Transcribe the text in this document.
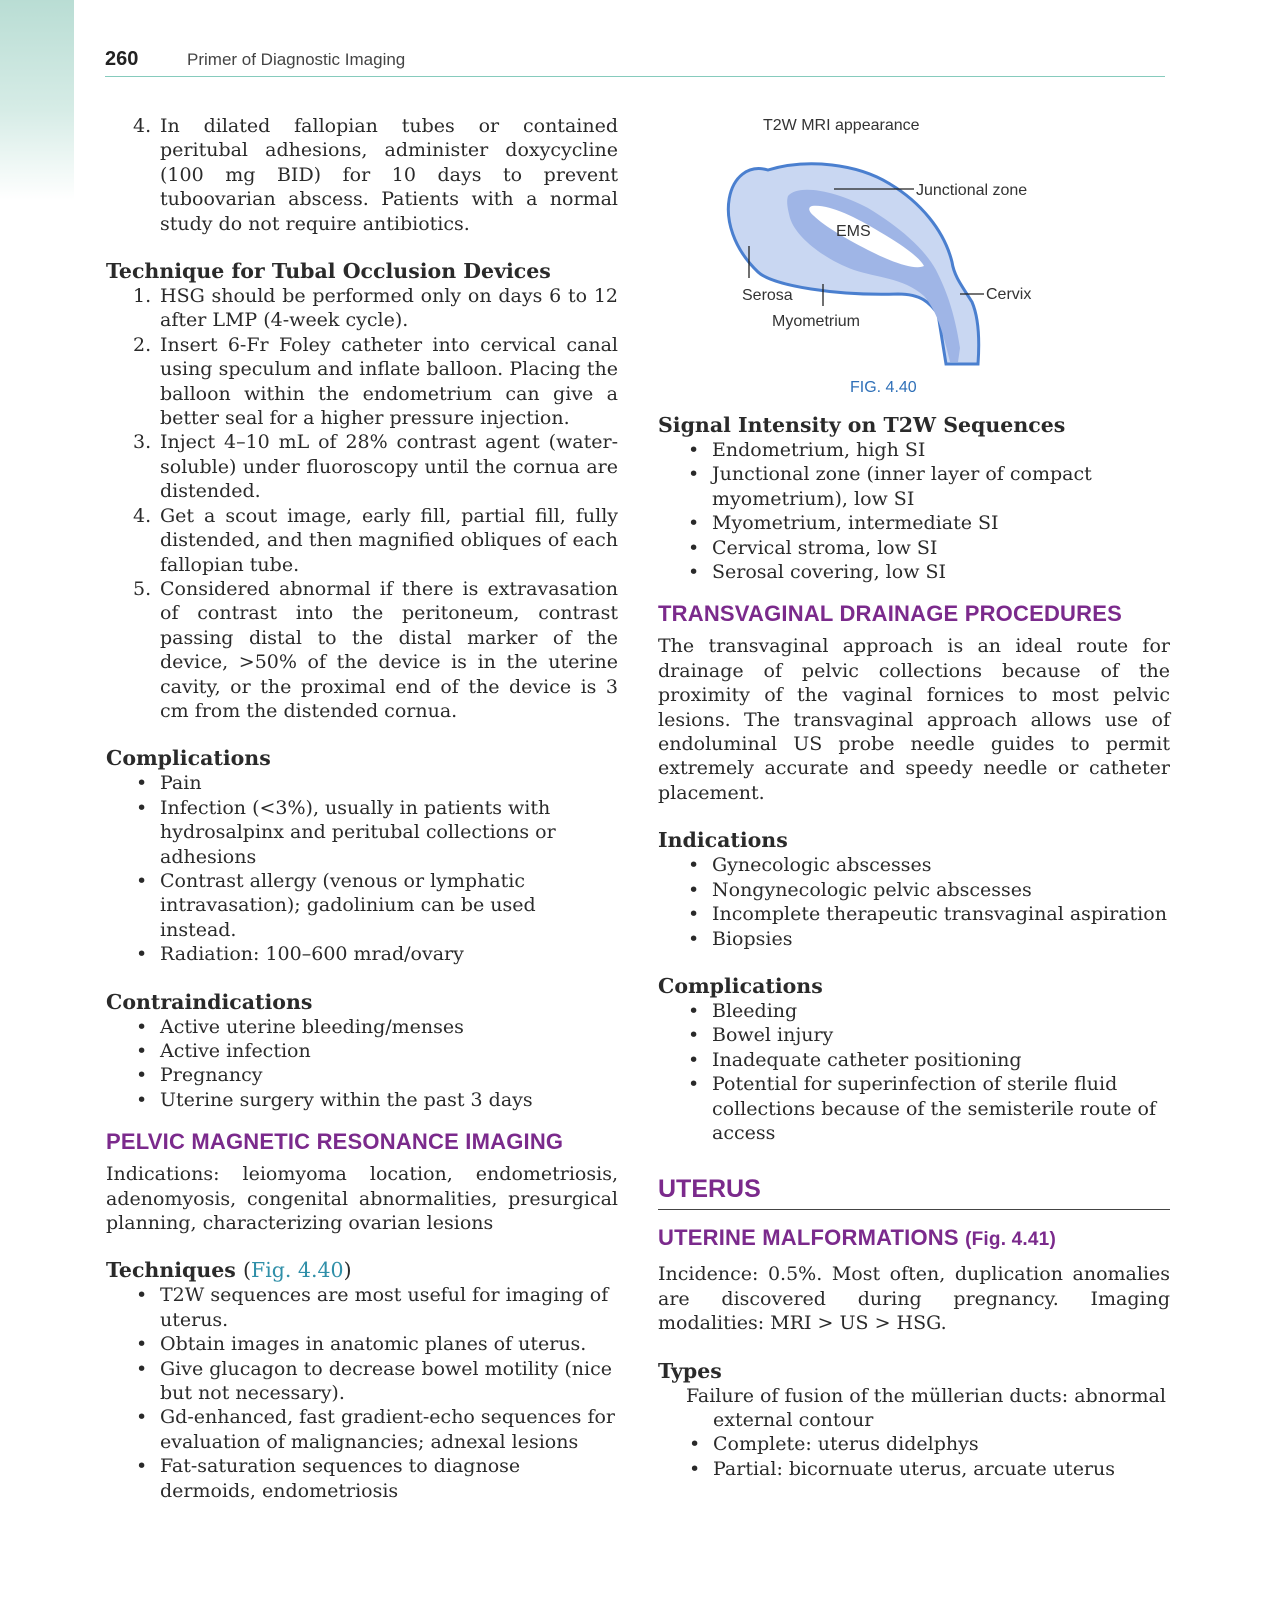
260	Primer of Diagnostic Imaging
4. In dilated fallopian tubes or contained peritubal adhesions, administer doxycycline (100 mg BID) for 10 days to prevent tuboovarian abscess. Patients with a normal study do not require antibiotics.
Technique for Tubal Occlusion Devices
1. HSG should be performed only on days 6 to 12 after LMP (4-week cycle).
2. Insert 6-Fr Foley catheter into cervical canal using speculum and inflate balloon. Placing the balloon within the endometrium can give a better seal for a higher pressure injection.
3. Inject 4–10 mL of 28% contrast agent (water-soluble) under fluoroscopy until the cornua are distended.
4. Get a scout image, early fill, partial fill, fully distended, and then magnified obliques of each fallopian tube.
5. Considered abnormal if there is extravasation of contrast into the peritoneum, contrast passing distal to the distal marker of the device, >50% of the device is in the uterine cavity, or the proximal end of the device is 3 cm from the distended cornua.
Complications
• Pain
• Infection (<3%), usually in patients with hydrosalpinx and peritubal collections or adhesions
• Contrast allergy (venous or lymphatic intravasation); gadolinium can be used instead.
• Radiation: 100–600 mrad/ovary
Contraindications
• Active uterine bleeding/menses
• Active infection
• Pregnancy
• Uterine surgery within the past 3 days
PELVIC MAGNETIC RESONANCE IMAGING

Indications: leiomyoma location, endometriosis, adenomyosis, congenital abnormalities, presurgical planning, characterizing ovarian lesions

Techniques (Fig. 4.40)
• T2W sequences are most useful for imaging of uterus.
• Obtain images in anatomic planes of uterus.
• Give glucagon to decrease bowel motility (nice but not necessary).
• Gd-enhanced, fast gradient-echo sequences for evaluation of malignancies; adnexal lesions
• Fat-saturation sequences to diagnose dermoids, endometriosis
T2W MRI appearance
Junctional zone
EMS
Serosa
Myometrium
Cervix
FIG. 4.40
Signal Intensity on T2W Sequences
• Endometrium, high SI
• Junctional zone (inner layer of compact myometrium), low SI
• Myometrium, intermediate SI
• Cervical stroma, low SI
• Serosal covering, low SI
TRANSVAGINAL DRAINAGE PROCEDURES

The transvaginal approach is an ideal route for drainage of pelvic collections because of the proximity of the vaginal fornices to most pelvic lesions. The transvaginal approach allows use of endoluminal US probe needle guides to permit extremely accurate and speedy needle or catheter placement.

Indications
• Gynecologic abscesses
• Nongynecologic pelvic abscesses
• Incomplete therapeutic transvaginal aspiration
• Biopsies
Complications
• Bleeding
• Bowel injury
• Inadequate catheter positioning
• Potential for superinfection of sterile fluid collections because of the semisterile route of access
UTERUS
UTERINE MALFORMATIONS (Fig. 4.41)

Incidence: 0.5%. Most often, duplication anomalies are discovered during pregnancy. Imaging modalities: MRI > US > HSG.

Types

Failure of fusion of the müllerian ducts: abnormal external contour

• Complete: uterus didelphys
• Partial: bicornuate uterus, arcuate uterus
